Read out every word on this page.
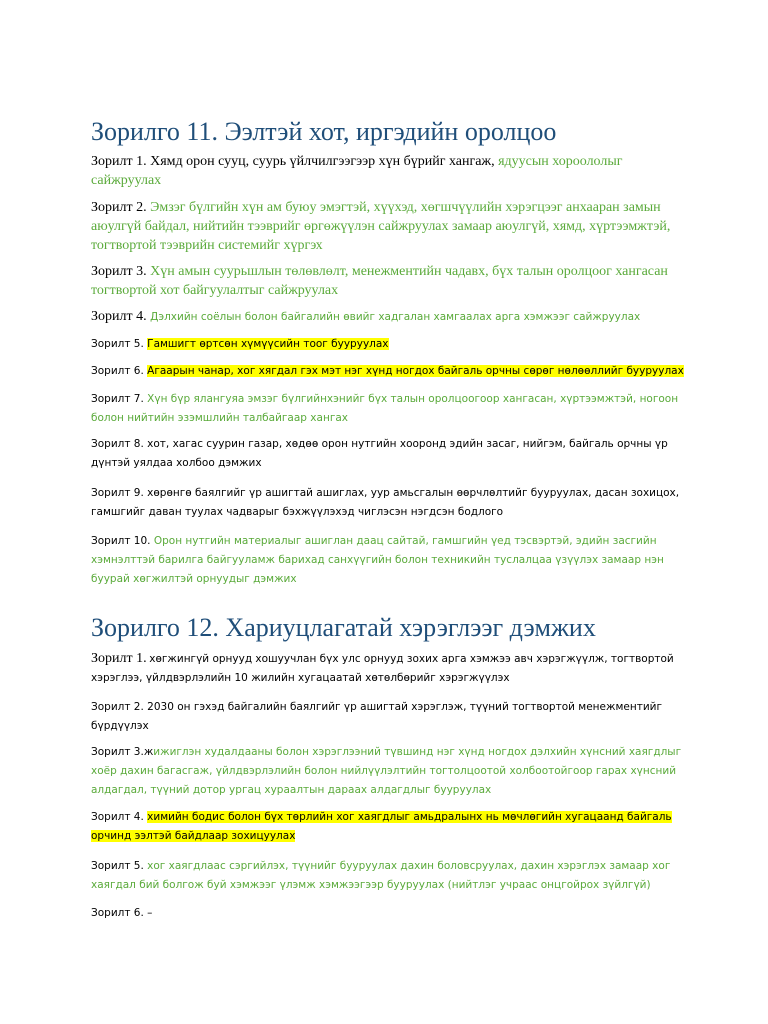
Зорилго 11. Ээлтэй хот, иргэдийн оролцоо

Зорилт 1. Хямд орон сууц, суурь үйлчилгээгээр хүн бүрийг хангаж, ядуусын хороололыг сайжруулах

Зорилт 2. Эмзэг бүлгийн хүн ам буюу эмэгтэй, хүүхэд, хөгшчүүлийн хэрэгцээг анхааран замын аюулгүй байдал, нийтийн тээврийг өргөжүүлэн сайжруулах замаар аюулгүй, хямд, хүртээмжтэй, тогтвортой тээврийн системийг хүргэх

Зорилт 3. Хүн амын суурьшлын төлөвлөлт, менежментийн чадавх, бүх талын оролцоог хангасан тогтвортой хот байгуулалтыг сайжруулах

Зорилт 4. Дэлхийн соёлын болон байгалийн өвийг хадгалан хамгаалах арга хэмжээг сайжруулах

Зорилт 5. Гамшигт өртсөн хүмүүсийн тоог бууруулах

Зорилт 6. Агаарын чанар, хог хягдал гэх мэт нэг хүнд ногдох байгаль орчны сөрөг нөлөөллийг бууруулах

Зорилт 7. Хүн бүр ялангуяа эмзэг бүлгийнхэнийг бүх талын оролцоогоор хангасан, хүртээмжтэй, ногоон болон нийтийн эзэмшлийн талбайгаар хангах

Зорилт 8. хот, хагас суурин газар, хөдөө орон нутгийн хооронд эдийн засаг, нийгэм, байгаль орчны үр дүнтэй уялдаа холбоо дэмжих

Зорилт 9. хөрөнгө баялгийг үр ашигтай ашиглах, уур амьсгалын өөрчлөлтийг бууруулах, дасан зохицох, гамшгийг даван туулах чадварыг бэхжүүлэхэд чиглэсэн нэгдсэн бодлого

Зорилт 10. Орон нутгийн материалыг ашиглан даац сайтай, гамшгийн үед тэсвэртэй, эдийн засгийн хэмнэлттэй барилга байгууламж барихад санхүүгийн болон техникийн туслалцаа үзүүлэх замаар нэн буурай хөгжилтэй орнуудыг дэмжих

Зорилго 12. Хариуцлагатай хэрэглээг дэмжих

Зорилт 1. хөгжингүй орнууд хошуучлан бүх улс орнууд зохих арга хэмжээ авч хэрэгжүүлж, тогтвортой хэрэглээ, үйлдвэрлэлийн 10 жилийн хугацаатай хөтөлбөрийг хэрэгжүүлэх

Зорилт 2. 2030 он гэхэд байгалийн баялгийг үр ашигтай хэрэглэж, түүний тогтвортой менежментийг бүрдүүлэх

Зорилт 3.жижиглэн худалдааны болон хэрэглээний түвшинд нэг хүнд ногдох дэлхийн хүнсний хаягдлыг хоёр дахин багасгаж, үйлдвэрлэлийн болон нийлүүлэлтийн тогтолцоотой холбоотойгоор гарах хүнсний алдагдал, түүний дотор ургац хураалтын дараах алдагдлыг бууруулах

Зорилт 4. химийн бодис болон бүх төрлийн хог хаягдлыг амьдралынх нь мөчлөгийн хугацаанд байгаль орчинд ээлтэй байдлаар зохицуулах

Зорилт 5. хог хаягдлаас сэргийлэх, түүнийг бууруулах дахин боловсруулах, дахин хэрэглэх замаар хог хаягдал бий болгож буй хэмжээг үлэмж хэмжээгээр бууруулах (нийтлэг учраас онцгойрох зүйлгүй)

Зорилт 6. –
